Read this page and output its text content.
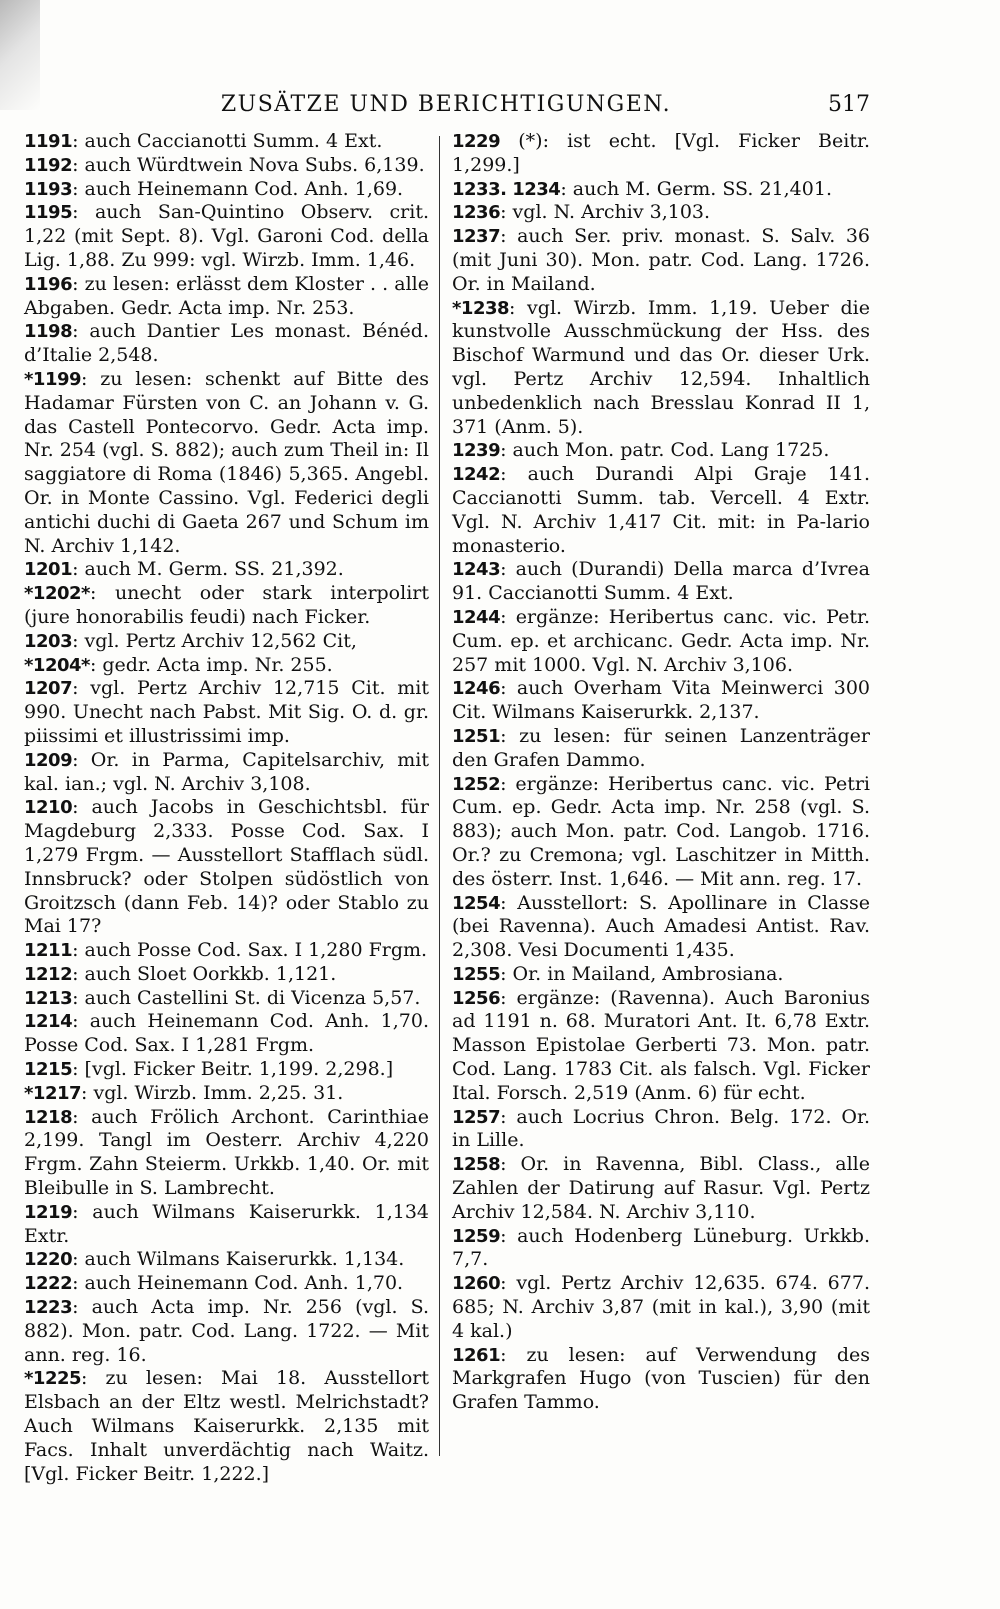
ZUSÄTZE UND BERICHTIGUNGEN.	517

1191: auch Caccianotti Summ. 4 Ext.

1192: auch Würdtwein Nova Subs. 6,139.

1193: auch Heinemann Cod. Anh. 1,69.

1195: auch San-Quintino Observ. crit. 1,22 (mit Sept. 8). Vgl. Garoni Cod. della Lig. 1,88. Zu 999: vgl. Wirzb. Imm. 1,46.

1196: zu lesen: erlässt dem Kloster . . alle Abgaben. Gedr. Acta imp. Nr. 253.

1198: auch Dantier Les monast. Bénéd. d’Italie 2,548.

*1199: zu lesen: schenkt auf Bitte des Hadamar Fürsten von C. an Johann v. G. das Castell Pontecorvo. Gedr. Acta imp. Nr. 254 (vgl. S. 882); auch zum Theil in: Il saggiatore di Roma (1846) 5,365. Angebl. Or. in Monte Cassino. Vgl. Federici degli antichi duchi di Gaeta 267 und Schum im N. Archiv 1,142.

1201: auch M. Germ. SS. 21,392.

*1202*: unecht oder stark interpolirt (jure honorabilis feudi) nach Ficker.

1203: vgl. Pertz Archiv 12,562 Cit,

*1204*: gedr. Acta imp. Nr. 255.

1207: vgl. Pertz Archiv 12,715 Cit. mit 990. Unecht nach Pabst. Mit Sig. O. d. gr. piissimi et illustrissimi imp.

1209: Or. in Parma, Capitelsarchiv, mit kal. ian.; vgl. N. Archiv 3,108.

1210: auch Jacobs in Geschichtsbl. für Magdeburg 2,333. Posse Cod. Sax. I 1,279 Frgm. — Ausstellort Stafflach südl. Innsbruck? oder Stolpen südöstlich von Groitzsch (dann Feb. 14)? oder Stablo zu Mai 17?

1211: auch Posse Cod. Sax. I 1,280 Frgm.

1212: auch Sloet Oorkkb. 1,121.

1213: auch Castellini St. di Vicenza 5,57.

1214: auch Heinemann Cod. Anh. 1,70. Posse Cod. Sax. I 1,281 Frgm.

1215: [vgl. Ficker Beitr. 1,199. 2,298.]

*1217: vgl. Wirzb. Imm. 2,25. 31.

1218: auch Frölich Archont. Carinthiae 2,199. Tangl im Oesterr. Archiv 4,220 Frgm. Zahn Steierm. Urkkb. 1,40. Or. mit Bleibulle in S. Lambrecht.

1219: auch Wilmans Kaiserurkk. 1,134 Extr.

1220: auch Wilmans Kaiserurkk. 1,134.

1222: auch Heinemann Cod. Anh. 1,70.

1223: auch Acta imp. Nr. 256 (vgl. S. 882). Mon. patr. Cod. Lang. 1722. — Mit ann. reg. 16.

*1225: zu lesen: Mai 18. Ausstellort Elsbach an der Eltz westl. Melrichstadt? Auch Wilmans Kaiserurkk. 2,135 mit Facs. Inhalt unverdächtig nach Waitz. [Vgl. Ficker Beitr. 1,222.]

1229 (*): ist echt. [Vgl. Ficker Beitr. 1,299.]

1233. 1234: auch M. Germ. SS. 21,401.

1236: vgl. N. Archiv 3,103.

1237: auch Ser. priv. monast. S. Salv. 36 (mit Juni 30). Mon. patr. Cod. Lang. 1726. Or. in Mailand.

*1238: vgl. Wirzb. Imm. 1,19. Ueber die kunstvolle Ausschmückung der Hss. des Bischof Warmund und das Or. dieser Urk. vgl. Pertz Archiv 12,594. Inhaltlich unbedenklich nach Bresslau Konrad II 1, 371 (Anm. 5).

1239: auch Mon. patr. Cod. Lang 1725.

1242: auch Durandi Alpi Graje 141. Caccianotti Summ. tab. Vercell. 4 Extr. Vgl. N. Archiv 1,417 Cit. mit: in Pa-lario monasterio.

1243: auch (Durandi) Della marca d’Ivrea 91. Caccianotti Summ. 4 Ext.

1244: ergänze: Heribertus canc. vic. Petr. Cum. ep. et archicanc. Gedr. Acta imp. Nr. 257 mit 1000. Vgl. N. Archiv 3,106.

1246: auch Overham Vita Meinwerci 300 Cit. Wilmans Kaiserurkk. 2,137.

1251: zu lesen: für seinen Lanzenträger den Grafen Dammo.

1252: ergänze: Heribertus canc. vic. Petri Cum. ep. Gedr. Acta imp. Nr. 258 (vgl. S. 883); auch Mon. patr. Cod. Langob. 1716. Or.? zu Cremona; vgl. Laschitzer in Mitth. des österr. Inst. 1,646. — Mit ann. reg. 17.

1254: Ausstellort: S. Apollinare in Classe (bei Ravenna). Auch Amadesi Antist. Rav. 2,308. Vesi Documenti 1,435.

1255: Or. in Mailand, Ambrosiana.

1256: ergänze: (Ravenna). Auch Baronius ad 1191 n. 68. Muratori Ant. It. 6,78 Extr. Masson Epistolae Gerberti 73. Mon. patr. Cod. Lang. 1783 Cit. als falsch. Vgl. Ficker Ital. Forsch. 2,519 (Anm. 6) für echt.

1257: auch Locrius Chron. Belg. 172. Or. in Lille.

1258: Or. in Ravenna, Bibl. Class., alle Zahlen der Datirung auf Rasur. Vgl. Pertz Archiv 12,584. N. Archiv 3,110.

1259: auch Hodenberg Lüneburg. Urkkb. 7,7.

1260: vgl. Pertz Archiv 12,635. 674. 677. 685; N. Archiv 3,87 (mit in kal.), 3,90 (mit 4 kal.)

1261: zu lesen: auf Verwendung des Markgrafen Hugo (von Tuscien) für den Grafen Tammo.
